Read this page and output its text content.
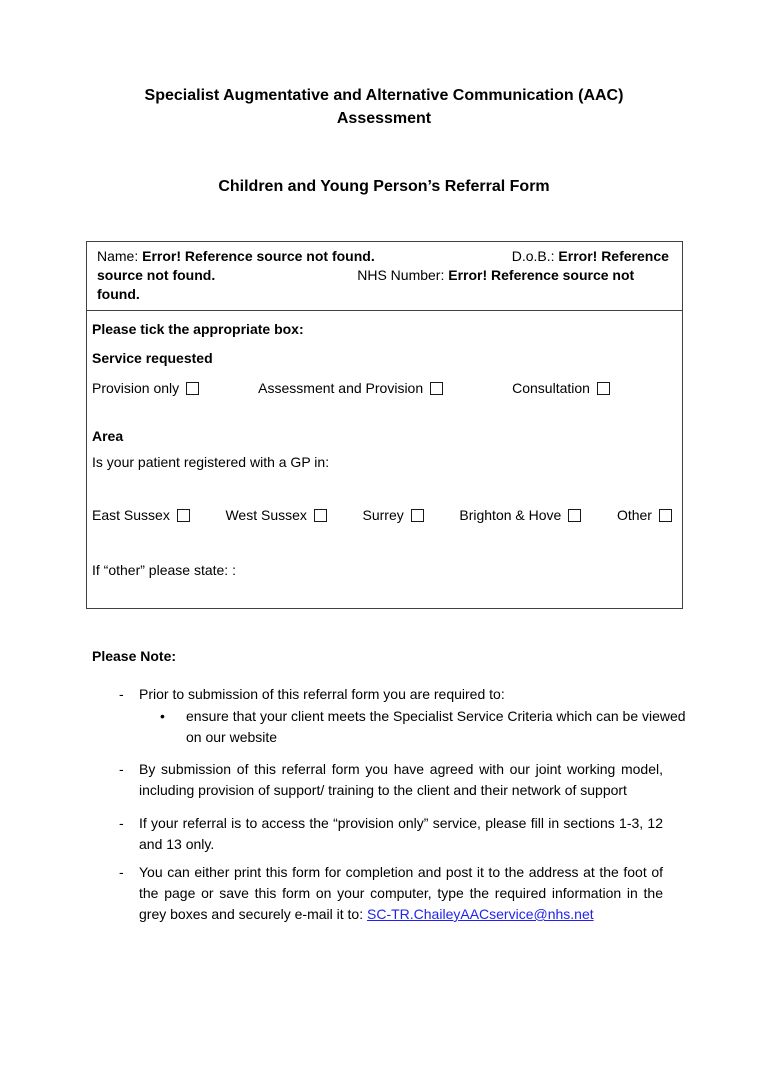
Specialist Augmentative and Alternative Communication (AAC)
Assessment
Children and Young Person’s Referral Form
Name: Error! Reference source not found.	D.o.B.: Error! Reference
source not found.	NHS Number: Error! Reference source not
found.
Please tick the appropriate box:
Service requested
Provision only	Assessment and Provision	Consultation
Area
Is your patient registered with a GP in:
East Sussex	West Sussex	Surrey	Brighton & Hove	Other
If “other” please state: :
Please Note:
-	Prior to submission of this referral form you are required to:
•	ensure that your client meets the Specialist Service Criteria which can be viewed on our website
-	By submission of this referral form you have agreed with our joint working model, including provision of support/ training to the client and their network of support
-	If your referral is to access the “provision only” service, please fill in sections 1-3, 12 and 13 only.
-	You can either print this form for completion and post it to the address at the foot of the page or save this form on your computer, type the required information in the grey boxes and securely e-mail it to: SC-TR.ChaileyAACservice@nhs.net
